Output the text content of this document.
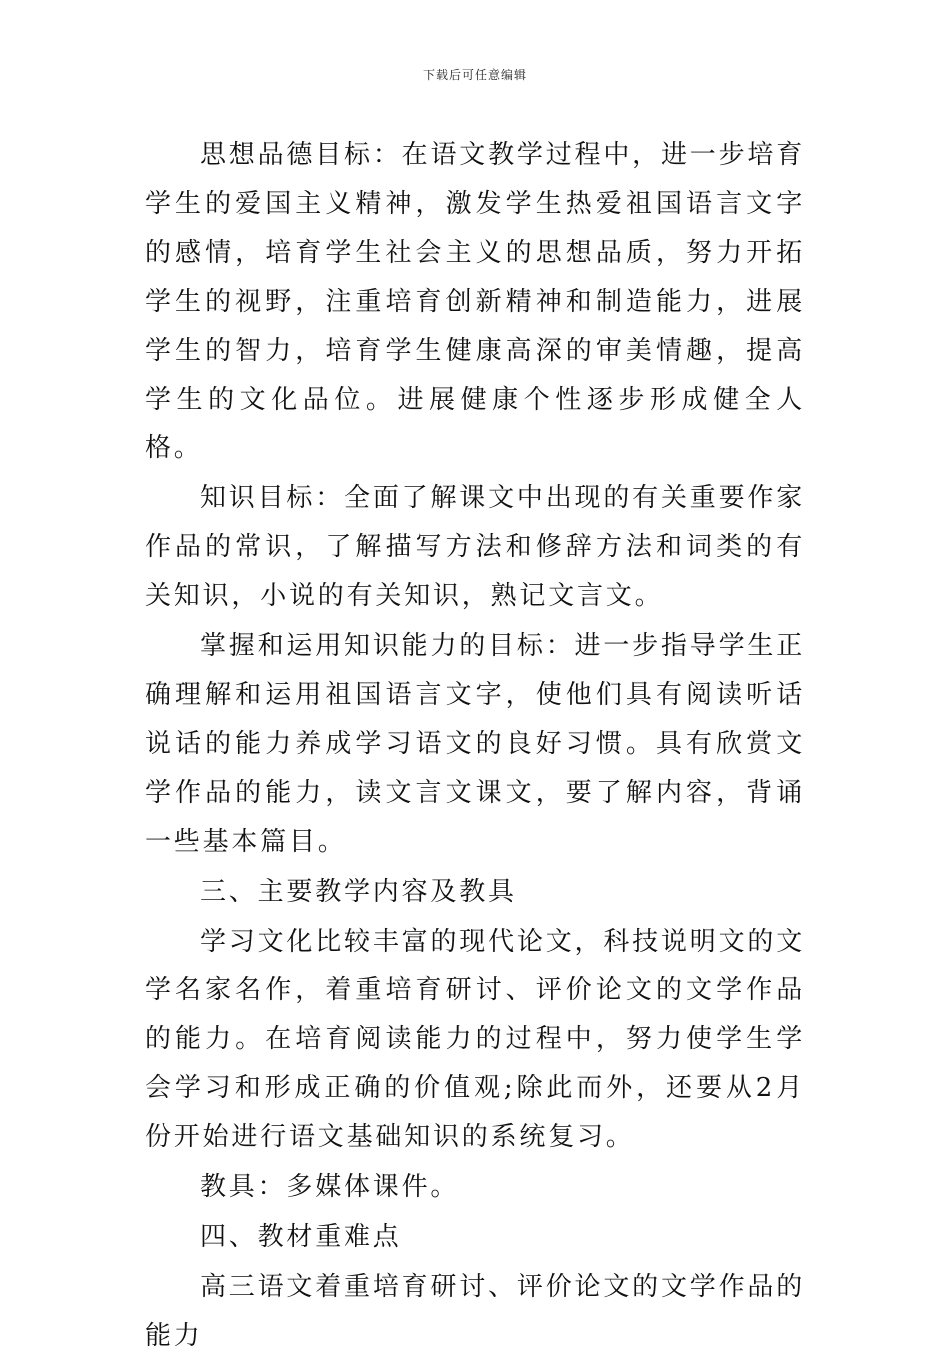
下载后可任意编辑

思想品德目标：在语文教学过程中，进一步培育学生的爱国主义精神，激发学生热爱祖国语言文字的感情，培育学生社会主义的思想品质，努力开拓学生的视野，注重培育创新精神和制造能力，进展学生的智力，培育学生健康高深的审美情趣，提高学生的文化品位。进展健康个性逐步形成健全人格。

知识目标：全面了解课文中出现的有关重要作家作品的常识，了解描写方法和修辞方法和词类的有关知识，小说的有关知识，熟记文言文。

掌握和运用知识能力的目标：进一步指导学生正确理解和运用祖国语言文字，使他们具有阅读听话说话的能力养成学习语文的良好习惯。具有欣赏文学作品的能力，读文言文课文，要了解内容，背诵一些基本篇目。

三、主要教学内容及教具

学习文化比较丰富的现代论文，科技说明文的文学名家名作，着重培育研讨、评价论文的文学作品的能力。在培育阅读能力的过程中，努力使学生学会学习和形成正确的价值观;除此而外，还要从2月份开始进行语文基础知识的系统复习。

教具：多媒体课件。

四、教材重难点

高三语文着重培育研讨、评价论文的文学作品的能力
